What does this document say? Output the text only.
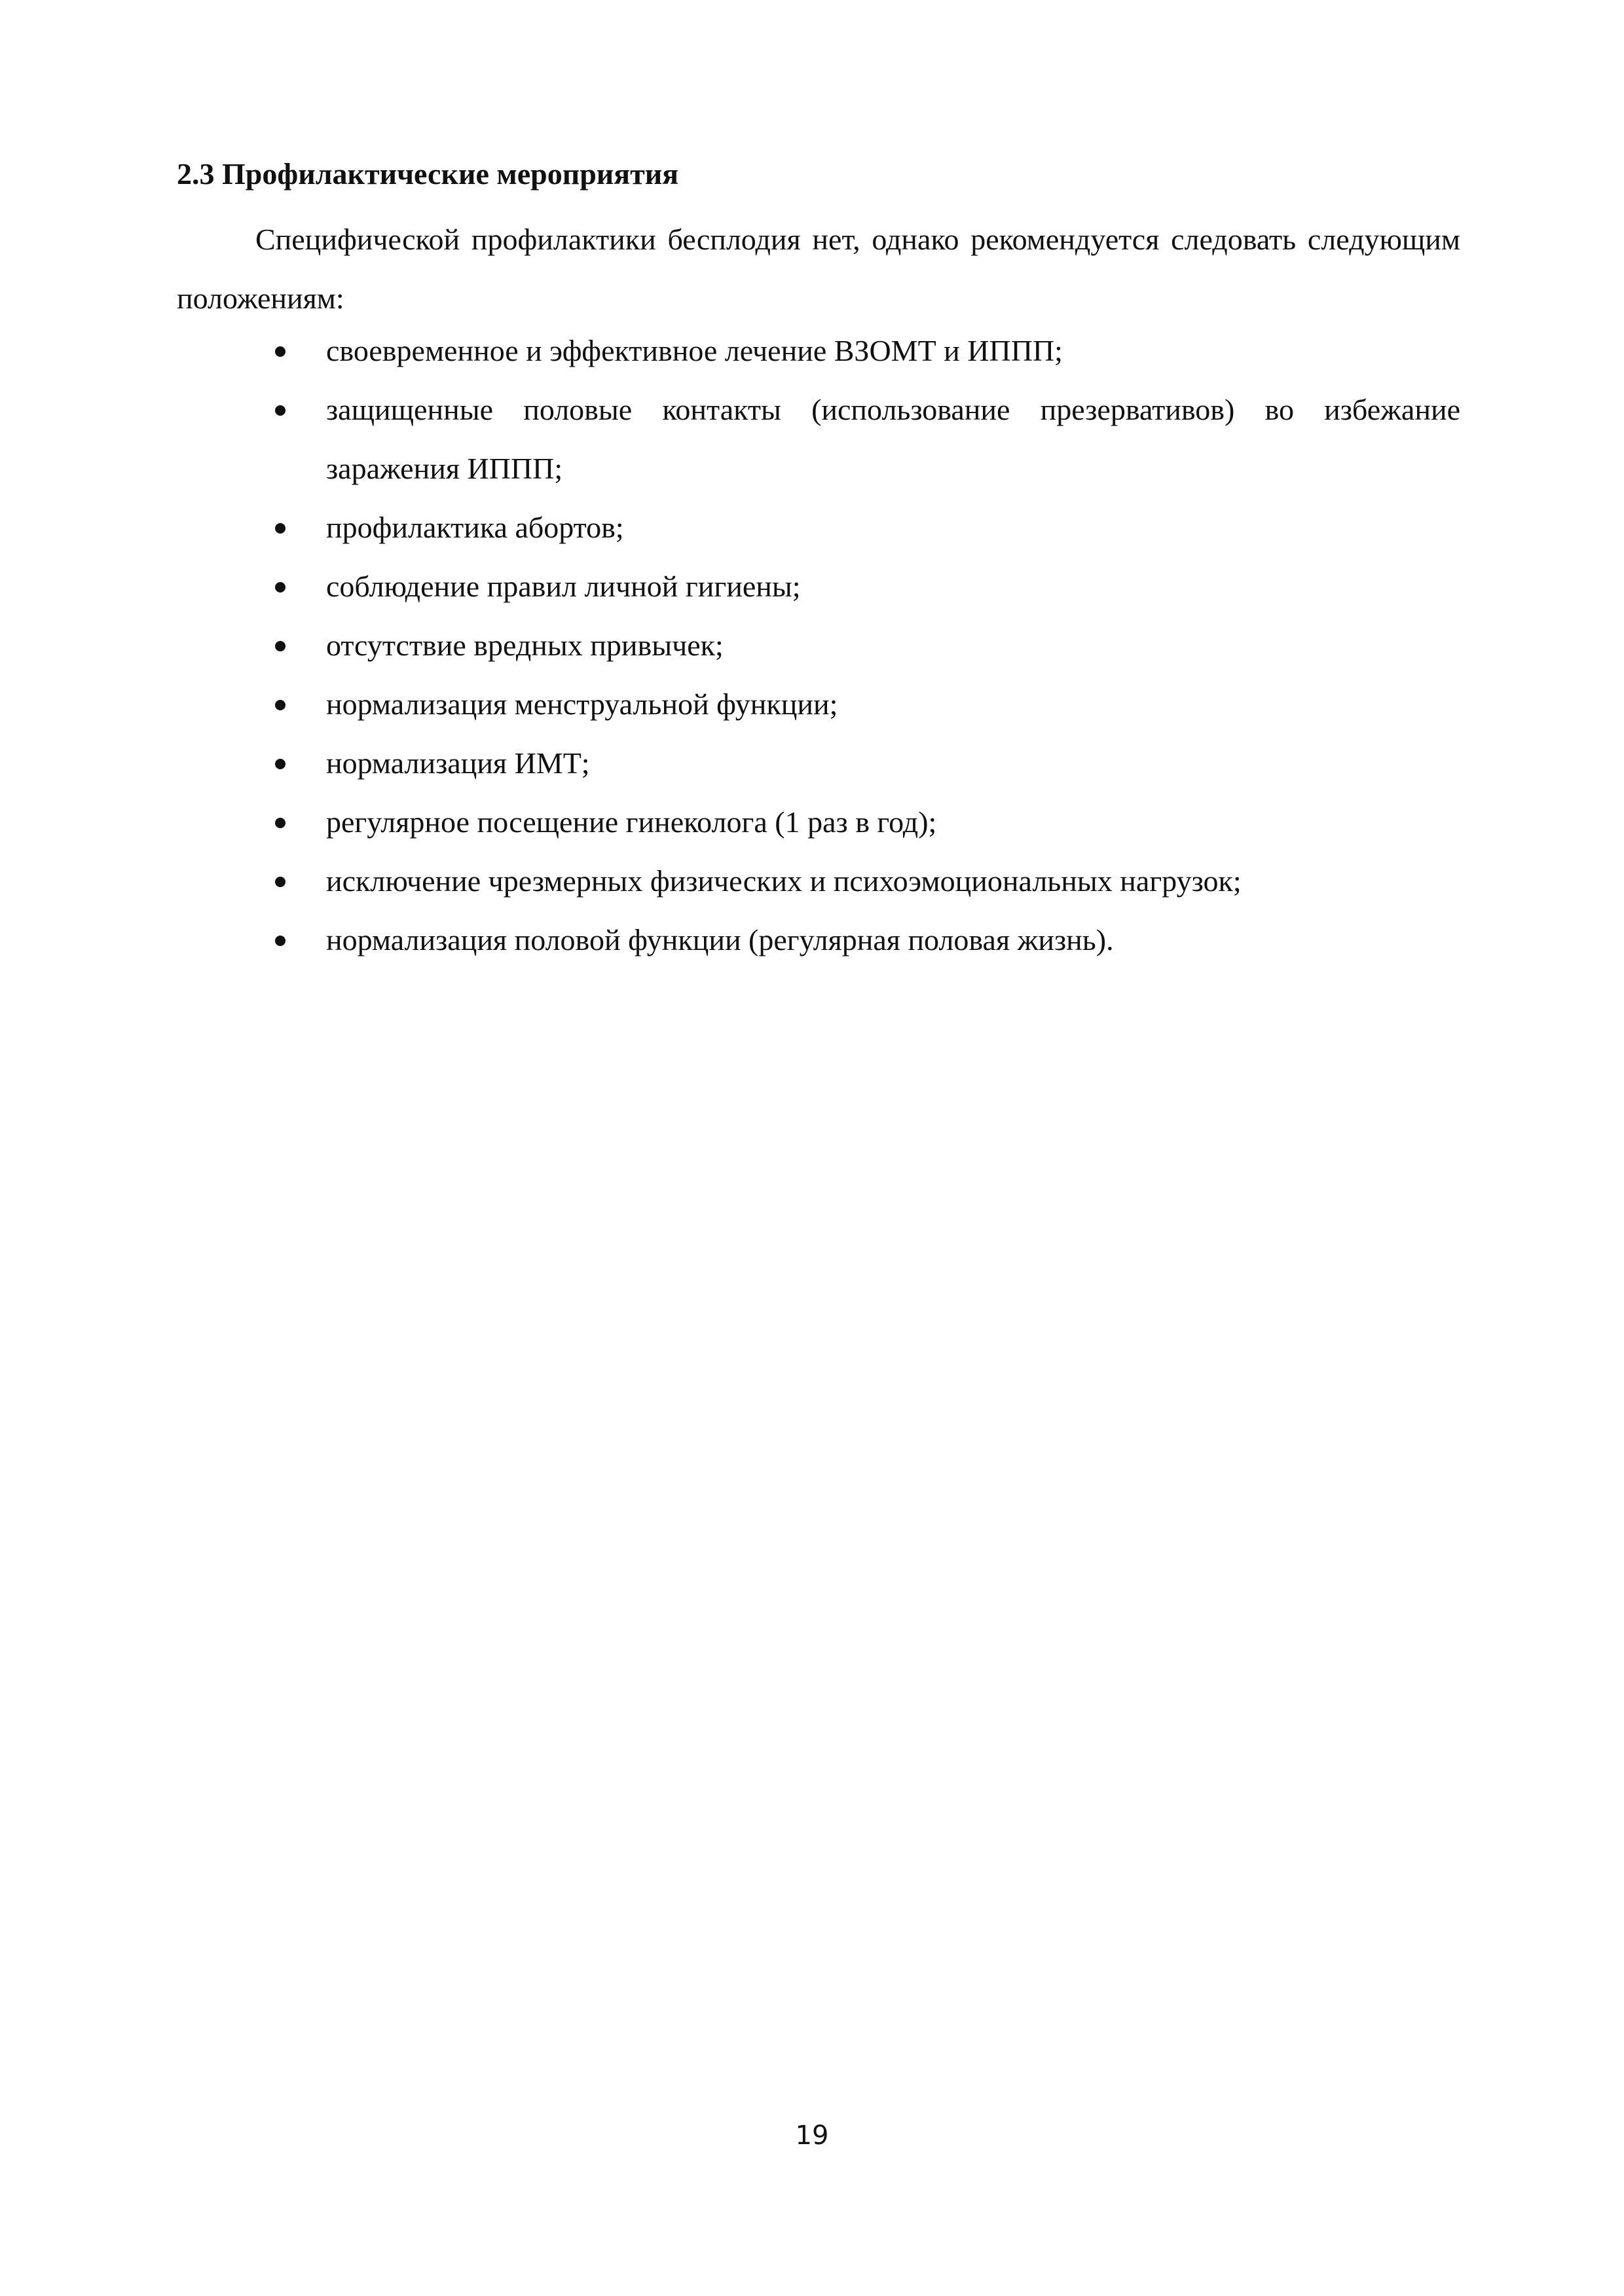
2.3 Профилактические мероприятия

Специфической профилактики бесплодия нет, однако рекомендуется следовать следующим положениям:

своевременное и эффективное лечение ВЗОМТ и ИППП;
защищенные половые контакты (использование презервативов) во избежание заражения ИППП;
профилактика абортов;
соблюдение правил личной гигиены;
отсутствие вредных привычек;
нормализация менструальной функции;
нормализация ИМТ;
регулярное посещение гинеколога (1 раз в год);
исключение чрезмерных физических и психоэмоциональных нагрузок;
нормализация половой функции (регулярная половая жизнь).

19
